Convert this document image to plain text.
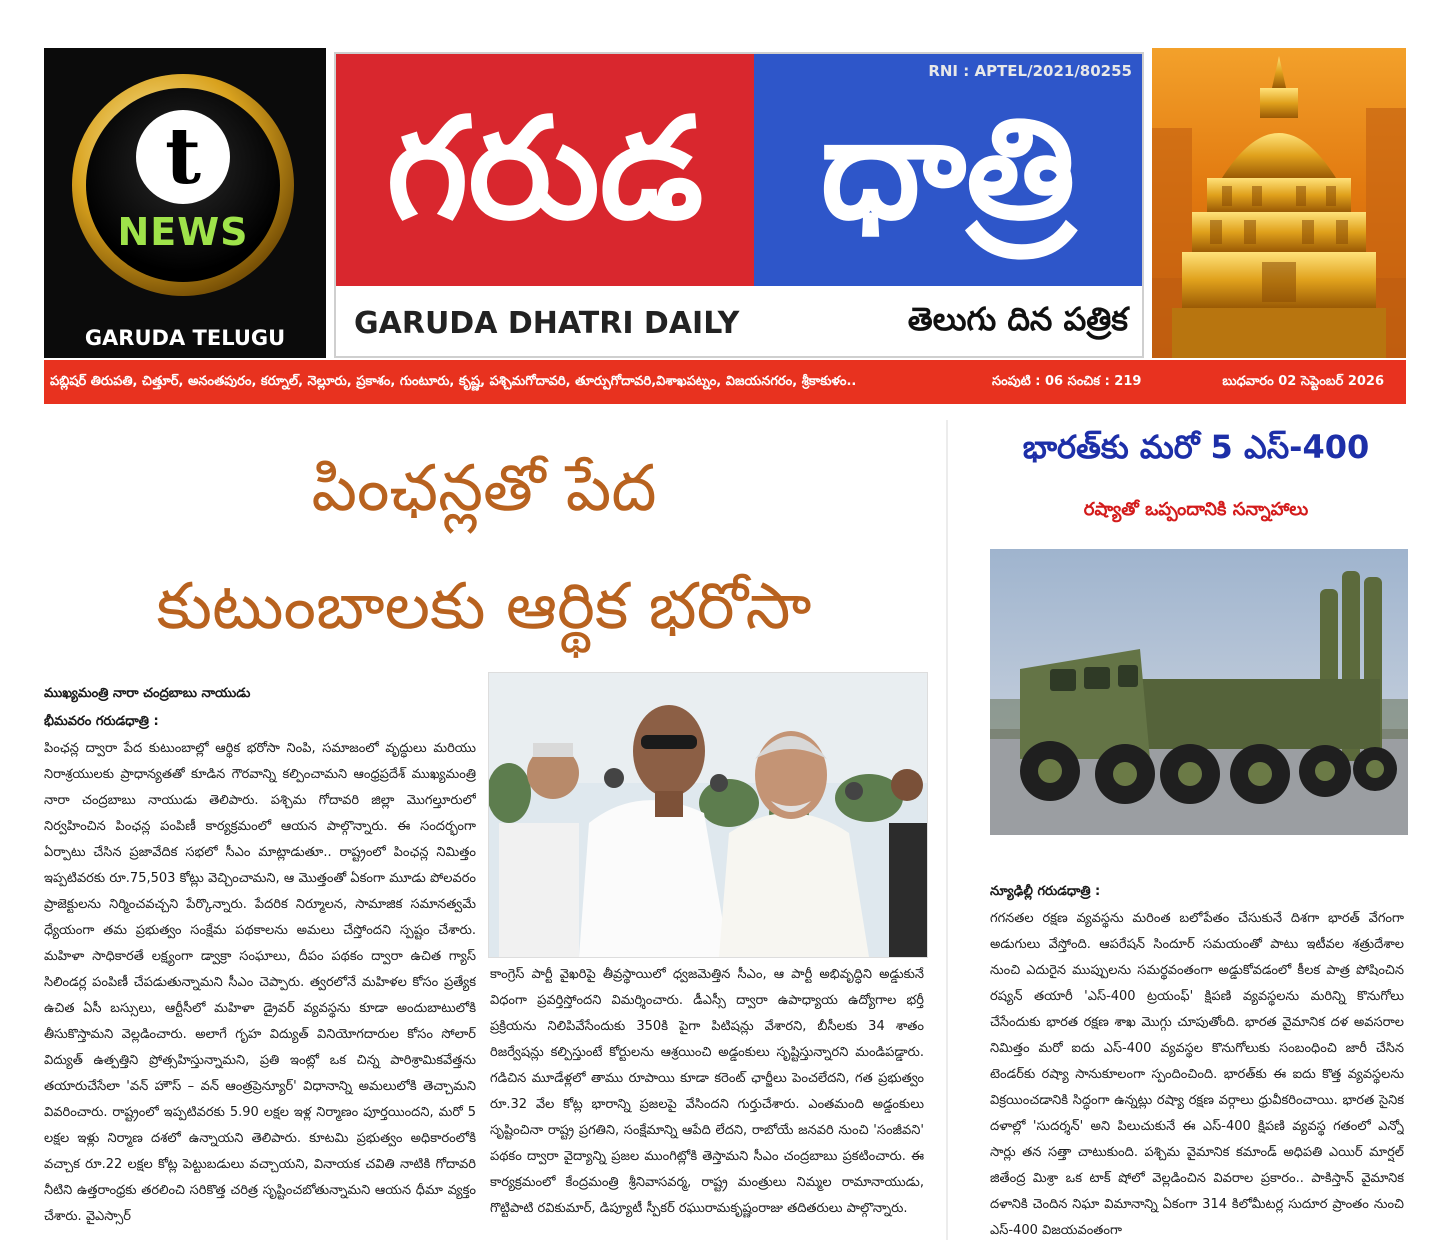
t
NEWS
GARUDA TELUGU
గరుడ ధాత్రి
RNI : APTEL/2021/80255
GARUDA DHATRI DAILY	తెలుగు దిన పత్రిక
పబ్లిషర్ తిరుపతి, చిత్తూర్, అనంతపురం, కర్నూల్, నెల్లూరు, ప్రకాశం, గుంటూరు, కృష్ణ, పశ్చిమగోదావరి, తూర్పుగోదావరి,విశాఖపట్నం, విజయనగరం, శ్రీకాకుళం..	సంపుటి : 06 సంచిక : 219	బుధవారం 02 సెప్టెంబర్ 2026
పింఛన్లతో పేద
కుటుంబాలకు ఆర్థిక భరోసా
ముఖ్యమంత్రి నారా చంద్రబాబు నాయుడు
భీమవరం గరుడధాత్రి :

పింఛన్ల ద్వారా పేద కుటుంబాల్లో ఆర్థిక భరోసా నింపి, సమాజంలో వృద్ధులు మరియు నిరాశ్రయులకు ప్రాధాన్యతతో కూడిన గౌరవాన్ని కల్పించామని ఆంధ్రప్రదేశ్ ముఖ్యమంత్రి నారా చంద్రబాబు నాయుడు తెలిపారు. పశ్చిమ గోదావరి జిల్లా మొగల్తూరులో నిర్వహించిన పింఛన్ల పంపిణీ కార్యక్రమంలో ఆయన పాల్గొన్నారు. ఈ సందర్భంగా ఏర్పాటు చేసిన ప్రజావేదిక సభలో సీఎం మాట్లాడుతూ.. రాష్ట్రంలో పింఛన్ల నిమిత్తం ఇప్పటివరకు రూ.75,503 కోట్లు వెచ్చించామని, ఆ మొత్తంతో ఏకంగా మూడు పోలవరం ప్రాజెక్టులను నిర్మించవచ్చని పేర్కొన్నారు. పేదరిక నిర్మూలన, సామాజిక సమానత్వమే ధ్యేయంగా తమ ప్రభుత్వం సంక్షేమ పథకాలను అమలు చేస్తోందని స్పష్టం చేశారు. మహిళా సాధికారతే లక్ష్యంగా డ్వాక్రా సంఘాలు, దీపం పథకం ద్వారా ఉచిత గ్యాస్ సిలిండర్ల పంపిణీ చేపడుతున్నామని సీఎం చెప్పారు. త్వరలోనే మహిళల కోసం ప్రత్యేక ఉచిత ఏసీ బస్సులు, ఆర్టీసీలో మహిళా డ్రైవర్ వ్యవస్థను కూడా అందుబాటులోకి తీసుకొస్తామని వెల్లడించారు. అలాగే గృహ విద్యుత్ వినియోగదారుల కోసం సోలార్ విద్యుత్ ఉత్పత్తిని ప్రోత్సహిస్తున్నామని, ప్రతి ఇంట్లో ఒక చిన్న పారిశ్రామికవేత్తను తయారుచేసేలా 'వన్ హౌస్ – వన్ ఆంత్రప్రెన్యూర్' విధానాన్ని అమలులోకి తెచ్చామని వివరించారు. రాష్ట్రంలో ఇప్పటివరకు 5.90 లక్షల ఇళ్ల నిర్మాణం పూర్తయిందని, మరో 5 లక్షల ఇళ్లు నిర్మాణ దశలో ఉన్నాయని తెలిపారు. కూటమి ప్రభుత్వం అధికారంలోకి వచ్చాక రూ.22 లక్షల కోట్ల పెట్టుబడులు వచ్చాయని, వినాయక చవితి నాటికి గోదావరి నీటిని ఉత్తరాంధ్రకు తరలించి సరికొత్త చరిత్ర సృష్టించబోతున్నామని ఆయన ధీమా వ్యక్తం చేశారు. వైఎస్సార్

కాంగ్రెస్ పార్టీ వైఖరిపై తీవ్రస్థాయిలో ధ్వజమెత్తిన సీఎం, ఆ పార్టీ అభివృద్ధిని అడ్డుకునే విధంగా ప్రవర్తిస్తోందని విమర్శించారు. డీఎస్సీ ద్వారా ఉపాధ్యాయ ఉద్యోగాల భర్తీ ప్రక్రియను నిలిపివేసేందుకు 350కి పైగా పిటిషన్లు వేశారని, బీసీలకు 34 శాతం రిజర్వేషన్లు కల్పిస్తుంటే కోర్టులను ఆశ్రయించి అడ్డంకులు సృష్టిస్తున్నారని మండిపడ్డారు. గడిచిన మూడేళ్లలో తాము రూపాయి కూడా కరెంట్ ఛార్జీలు పెంచలేదని, గత ప్రభుత్వం రూ.32 వేల కోట్ల భారాన్ని ప్రజలపై వేసిందని గుర్తుచేశారు. ఎంతమంది అడ్డంకులు సృష్టించినా రాష్ట్ర ప్రగతిని, సంక్షేమాన్ని ఆపేది లేదని, రాబోయే జనవరి నుంచి 'సంజీవని' పథకం ద్వారా వైద్యాన్ని ప్రజల ముంగిట్లోకి తెస్తామని సీఎం చంద్రబాబు ప్రకటించారు. ఈ కార్యక్రమంలో కేంద్రమంత్రి శ్రీనివాసవర్మ, రాష్ట్ర మంత్రులు నిమ్మల రామానాయుడు, గొట్టిపాటి రవికుమార్, డిప్యూటీ స్పీకర్ రఘురామకృష్ణంరాజు తదితరులు పాల్గొన్నారు.

భారత్‌కు మరో 5 ఎస్-400
రష్యాతో ఒప్పందానికి సన్నాహాలు
న్యూఢిల్లీ గరుడధాత్రి :

గగనతల రక్షణ వ్యవస్థను మరింత బలోపేతం చేసుకునే దిశగా భారత్ వేగంగా అడుగులు వేస్తోంది. ఆపరేషన్ సిందూర్ సమయంతో పాటు ఇటీవల శత్రుదేశాల నుంచి ఎదురైన ముప్పులను సమర్థవంతంగా అడ్డుకోవడంలో కీలక పాత్ర పోషించిన రష్యన్ తయారీ 'ఎస్-400 ట్రయంఫ్' క్షిపణి వ్యవస్థలను మరిన్ని కొనుగోలు చేసేందుకు భారత రక్షణ శాఖ మొగ్గు చూపుతోంది. భారత వైమానిక దళ అవసరాల నిమిత్తం మరో ఐదు ఎస్-400 వ్యవస్థల కొనుగోలుకు సంబంధించి జారీ చేసిన టెండర్‌కు రష్యా సానుకూలంగా స్పందించింది. భారత్‌కు ఈ ఐదు కొత్త వ్యవస్థలను విక్రయించడానికి సిద్ధంగా ఉన్నట్లు రష్యా రక్షణ వర్గాలు ధ్రువీకరించాయి. భారత సైనిక దళాల్లో 'సుదర్శన్' అని పిలుచుకునే ఈ ఎస్-400 క్షిపణి వ్యవస్థ గతంలో ఎన్నో సార్లు తన సత్తా చాటుకుంది. పశ్చిమ వైమానిక కమాండ్ అధిపతి ఎయిర్ మార్షల్ జితేంద్ర మిశ్రా ఒక టాక్ షోలో వెల్లడించిన వివరాల ప్రకారం.. పాకిస్తాన్ వైమానిక దళానికి చెందిన నిఘా విమానాన్ని ఏకంగా 314 కిలోమీటర్ల సుదూర ప్రాంతం నుంచి ఎస్-400 విజయవంతంగా
